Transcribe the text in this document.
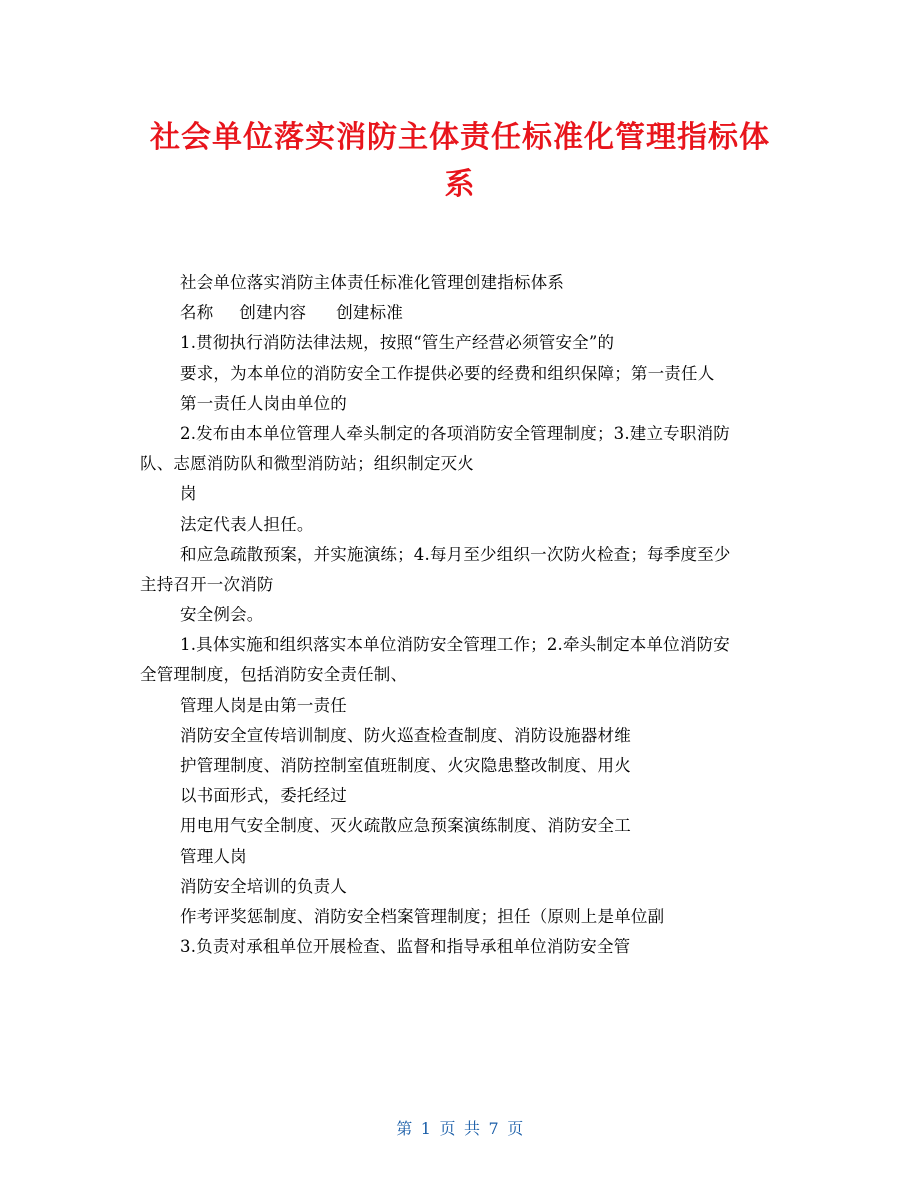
社会单位落实消防主体责任标准化管理指标体
系
社会单位落实消防主体责任标准化管理创建指标体系
名称 创建内容 创建标准
1.贯彻执行消防法律法规，按照“管生产经营必须管安全”的
要求，为本单位的消防安全工作提供必要的经费和组织保障；第一责任人
第一责任人岗由单位的
2.发布由本单位管理人牵头制定的各项消防安全管理制度；3.建立专职消防
队、志愿消防队和微型消防站；组织制定灭火
岗
法定代表人担任。
和应急疏散预案，并实施演练；4.每月至少组织一次防火检查；每季度至少
主持召开一次消防
安全例会。
1.具体实施和组织落实本单位消防安全管理工作；2.牵头制定本单位消防安
全管理制度，包括消防安全责任制、
管理人岗是由第一责任
消防安全宣传培训制度、防火巡查检查制度、消防设施器材维
护管理制度、消防控制室值班制度、火灾隐患整改制度、用火
以书面形式，委托经过
用电用气安全制度、灭火疏散应急预案演练制度、消防安全工
管理人岗
消防安全培训的负责人
作考评奖惩制度、消防安全档案管理制度；担任（原则上是单位副
3.负责对承租单位开展检查、监督和指导承租单位消防安全管
第 1 页 共 7 页
